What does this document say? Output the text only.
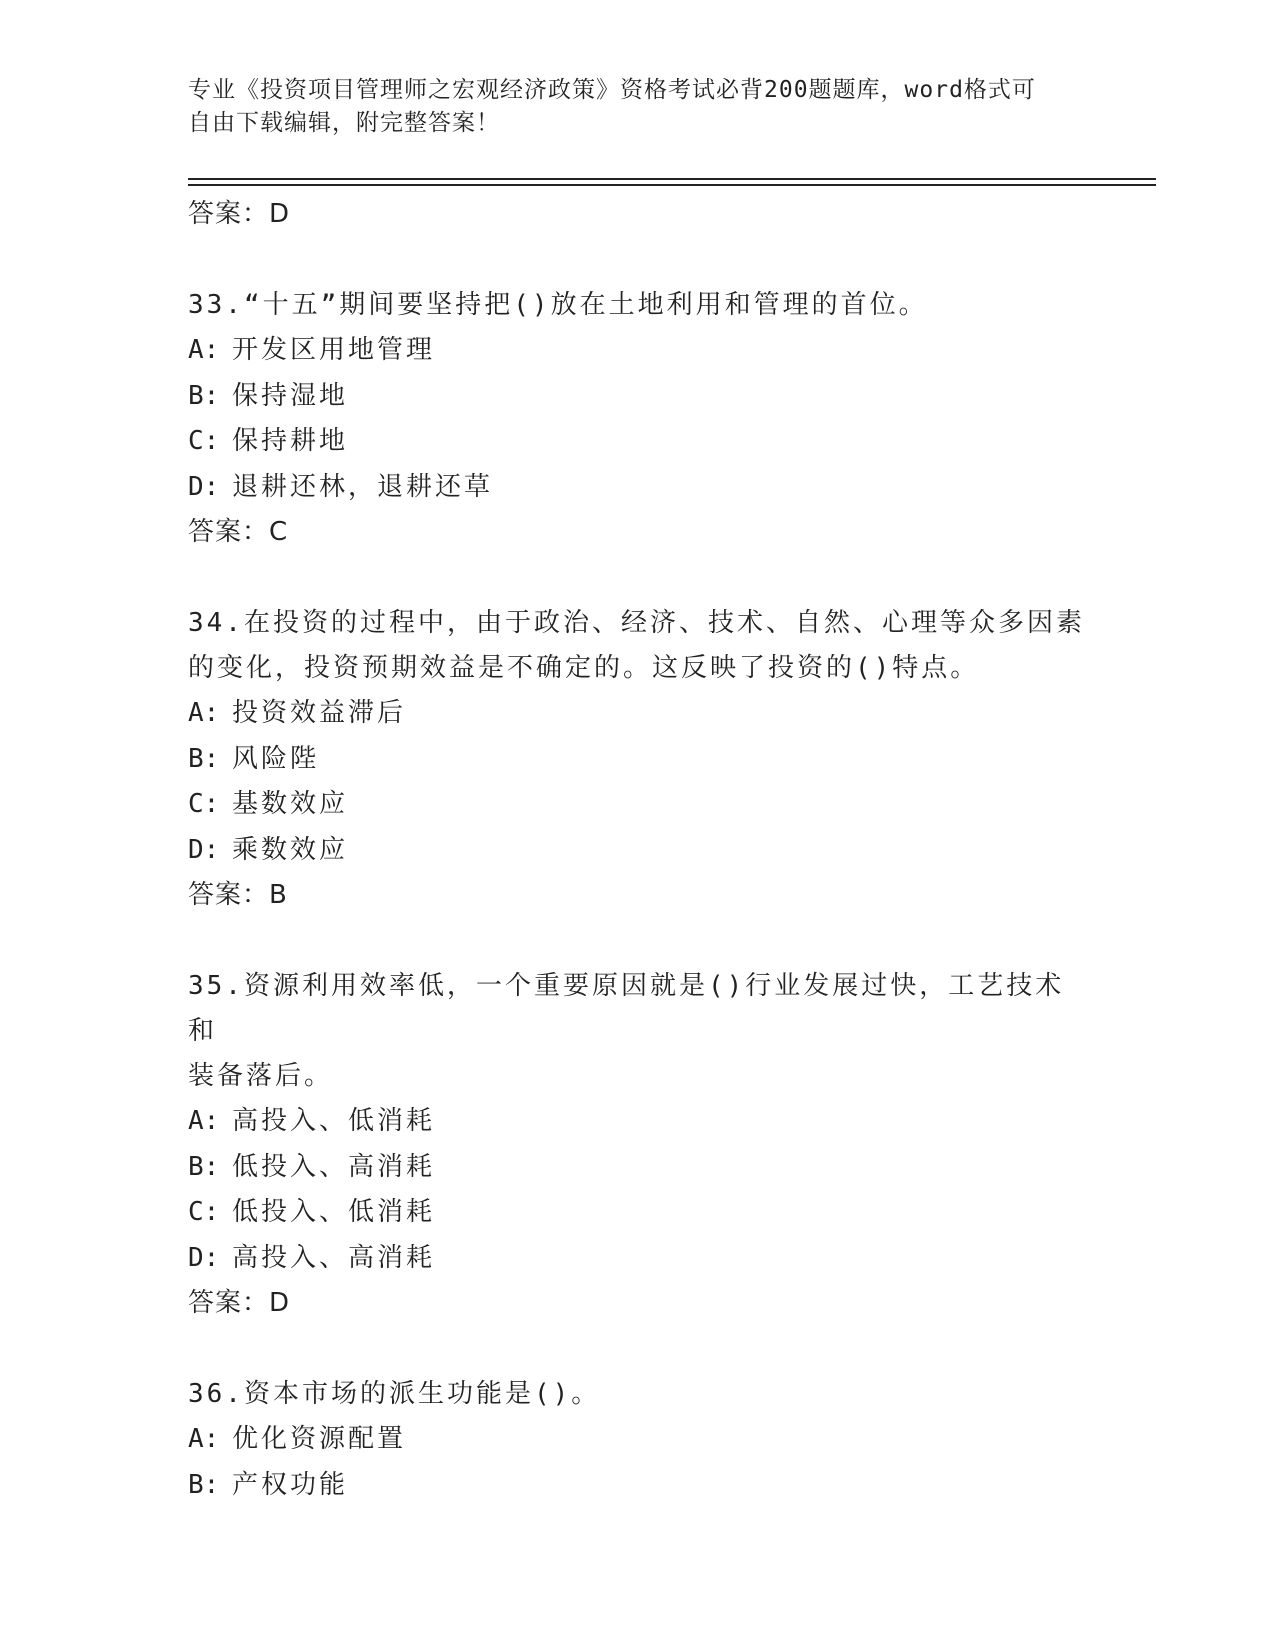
专业《投资项目管理师之宏观经济政策》资格考试必背200题题库，word格式可
自由下载编辑，附完整答案！
答案：D
33.“十五”期间要坚持把()放在土地利用和管理的首位。
A: 开发区用地管理
B: 保持湿地
C: 保持耕地
D: 退耕还林，退耕还草
答案：C
34.在投资的过程中，由于政治、经济、技术、自然、心理等众多因素
的变化，投资预期效益是不确定的。这反映了投资的()特点。
A: 投资效益滞后
B: 风险陛
C: 基数效应
D: 乘数效应
答案：B
35.资源利用效率低，一个重要原因就是()行业发展过快，工艺技术和
装备落后。
A: 高投入、低消耗
B: 低投入、高消耗
C: 低投入、低消耗
D: 高投入、高消耗
答案：D
36.资本市场的派生功能是()。
A: 优化资源配置
B: 产权功能
